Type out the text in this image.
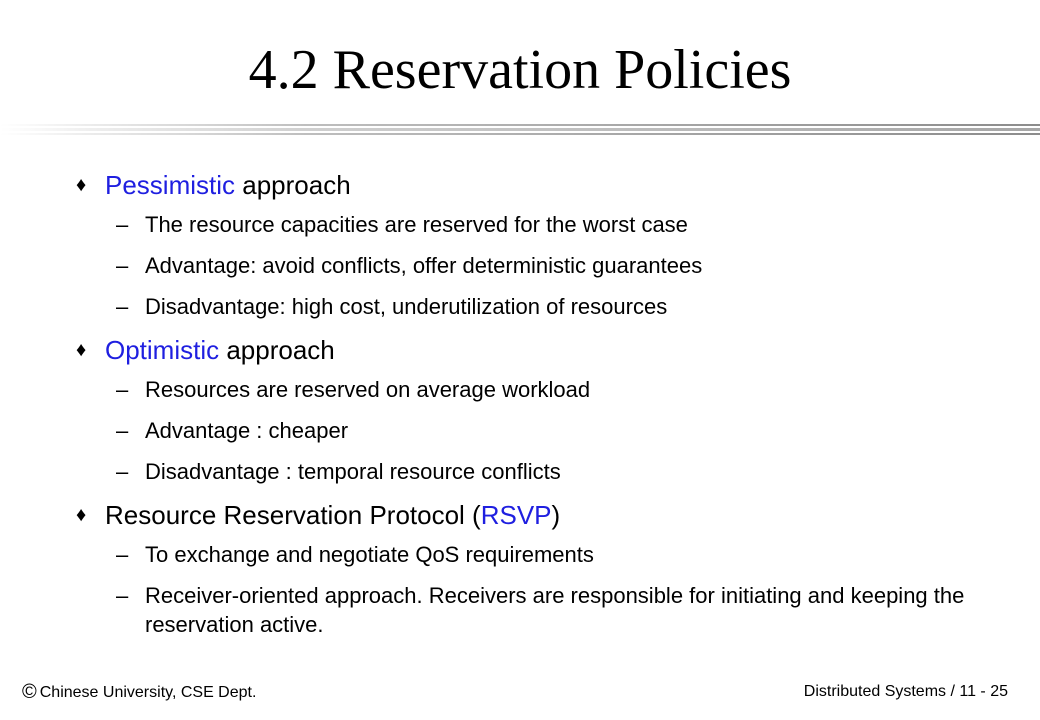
4.2 Reservation Policies
♦ Pessimistic approach
– The resource capacities are reserved for the worst case
– Advantage: avoid conflicts, offer deterministic guarantees
– Disadvantage: high cost, underutilization of resources
♦ Optimistic approach
– Resources are reserved on average workload
– Advantage : cheaper
– Disadvantage : temporal resource conflicts
♦ Resource Reservation Protocol (RSVP)
– To exchange and negotiate QoS requirements
– Receiver-oriented approach. Receivers are responsible for initiating and keeping the reservation active.
© Chinese University, CSE Dept.	Distributed Systems / 11 - 25
